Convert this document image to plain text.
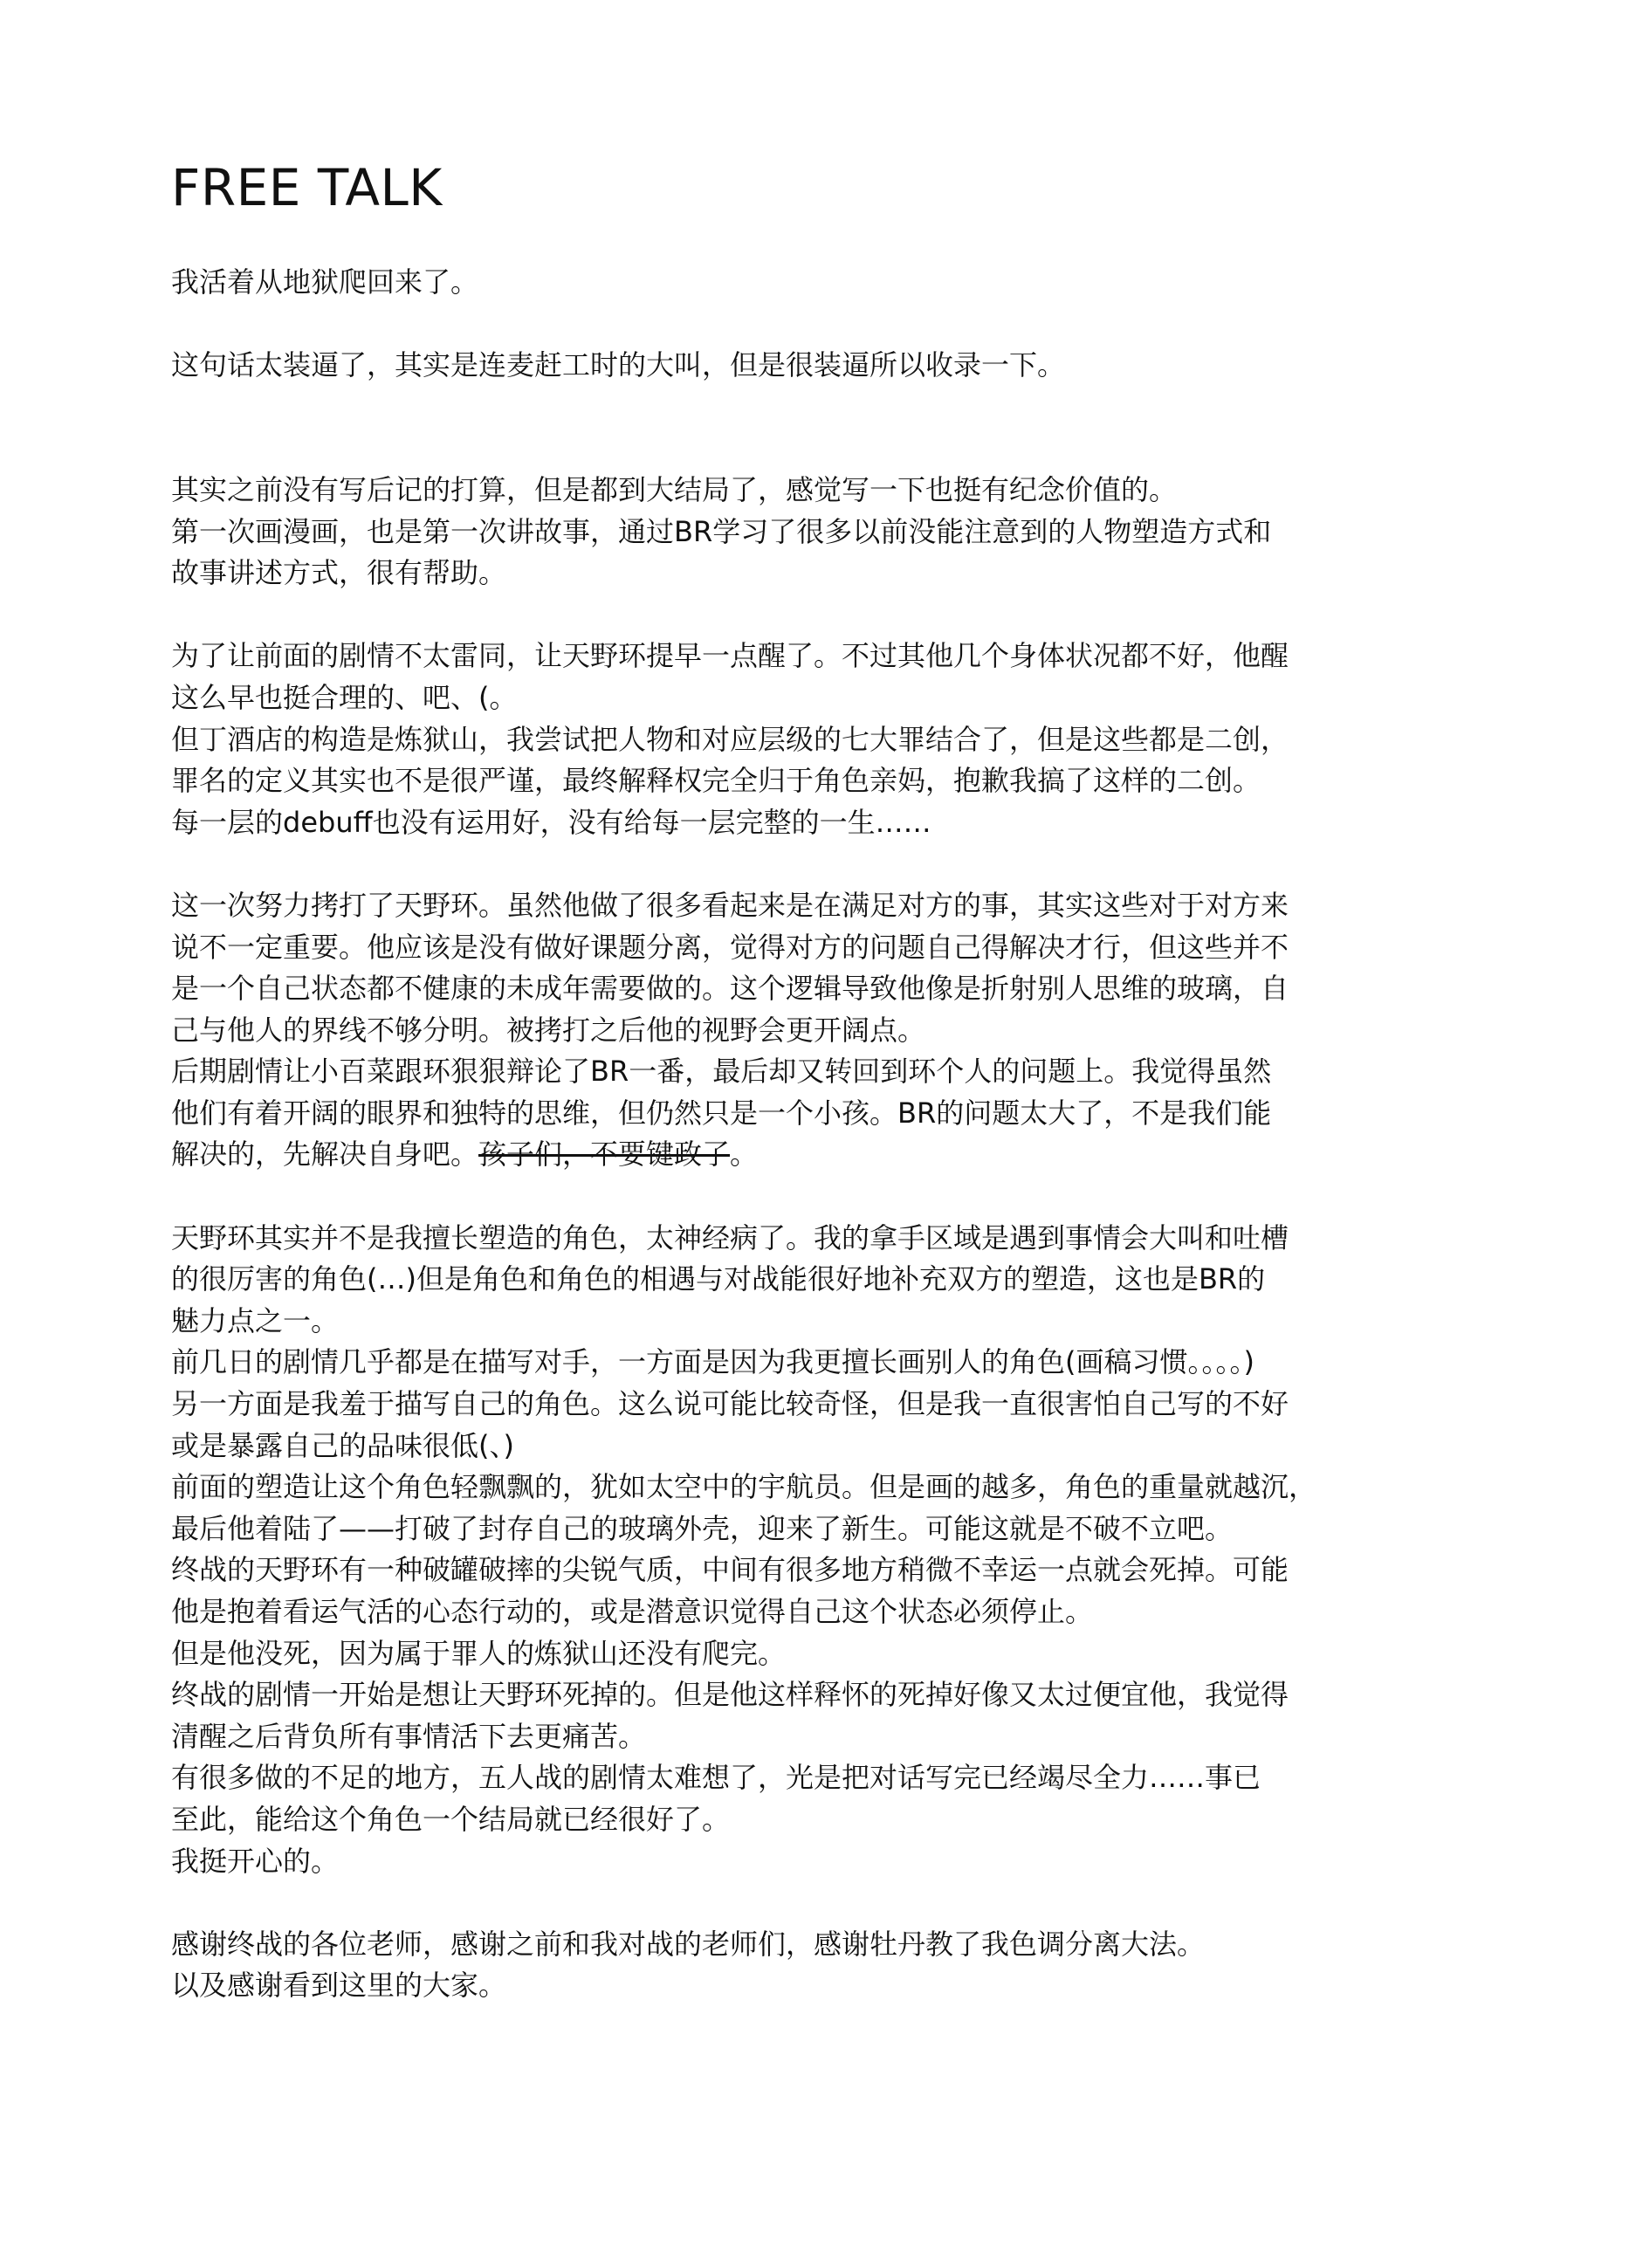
FREE TALK

我活着从地狱爬回来了。

这句话太装逼了，其实是连麦赶工时的大叫，但是很装逼所以收录一下。

其实之前没有写后记的打算，但是都到大结局了，感觉写一下也挺有纪念价值的。
第一次画漫画，也是第一次讲故事，通过BR学习了很多以前没能注意到的人物塑造方式和
故事讲述方式，很有帮助。

为了让前面的剧情不太雷同，让天野环提早一点醒了。不过其他几个身体状况都不好，他醒
这么早也挺合理的、吧、(。
但丁酒店的构造是炼狱山，我尝试把人物和对应层级的七大罪结合了，但是这些都是二创，
罪名的定义其实也不是很严谨，最终解释权完全归于角色亲妈，抱歉我搞了这样的二创。
每一层的debuff也没有运用好，没有给每一层完整的一生……

这一次努力拷打了天野环。虽然他做了很多看起来是在满足对方的事，其实这些对于对方来
说不一定重要。他应该是没有做好课题分离，觉得对方的问题自己得解决才行，但这些并不
是一个自己状态都不健康的未成年需要做的。这个逻辑导致他像是折射别人思维的玻璃，自
己与他人的界线不够分明。被拷打之后他的视野会更开阔点。
后期剧情让小百菜跟环狠狠辩论了BR一番，最后却又转回到环个人的问题上。我觉得虽然
他们有着开阔的眼界和独特的思维，但仍然只是一个小孩。BR的问题太大了，不是我们能
解决的，先解决自身吧。孩子们，不要键政了。

天野环其实并不是我擅长塑造的角色，太神经病了。我的拿手区域是遇到事情会大叫和吐槽
的很厉害的角色(…)但是角色和角色的相遇与对战能很好地补充双方的塑造，这也是BR的
魅力点之一。
前几日的剧情几乎都是在描写对手，一方面是因为我更擅长画别人的角色(画稿习惯。。。。)
另一方面是我羞于描写自己的角色。这么说可能比较奇怪，但是我一直很害怕自己写的不好
或是暴露自己的品味很低(、)
前面的塑造让这个角色轻飘飘的，犹如太空中的宇航员。但是画的越多，角色的重量就越沉，
最后他着陆了——打破了封存自己的玻璃外壳，迎来了新生。可能这就是不破不立吧。
终战的天野环有一种破罐破摔的尖锐气质，中间有很多地方稍微不幸运一点就会死掉。可能
他是抱着看运气活的心态行动的，或是潜意识觉得自己这个状态必须停止。
但是他没死，因为属于罪人的炼狱山还没有爬完。
终战的剧情一开始是想让天野环死掉的。但是他这样释怀的死掉好像又太过便宜他，我觉得
清醒之后背负所有事情活下去更痛苦。
有很多做的不足的地方，五人战的剧情太难想了，光是把对话写完已经竭尽全力……事已
至此，能给这个角色一个结局就已经很好了。
我挺开心的。

感谢终战的各位老师，感谢之前和我对战的老师们，感谢牡丹教了我色调分离大法。
以及感谢看到这里的大家。
